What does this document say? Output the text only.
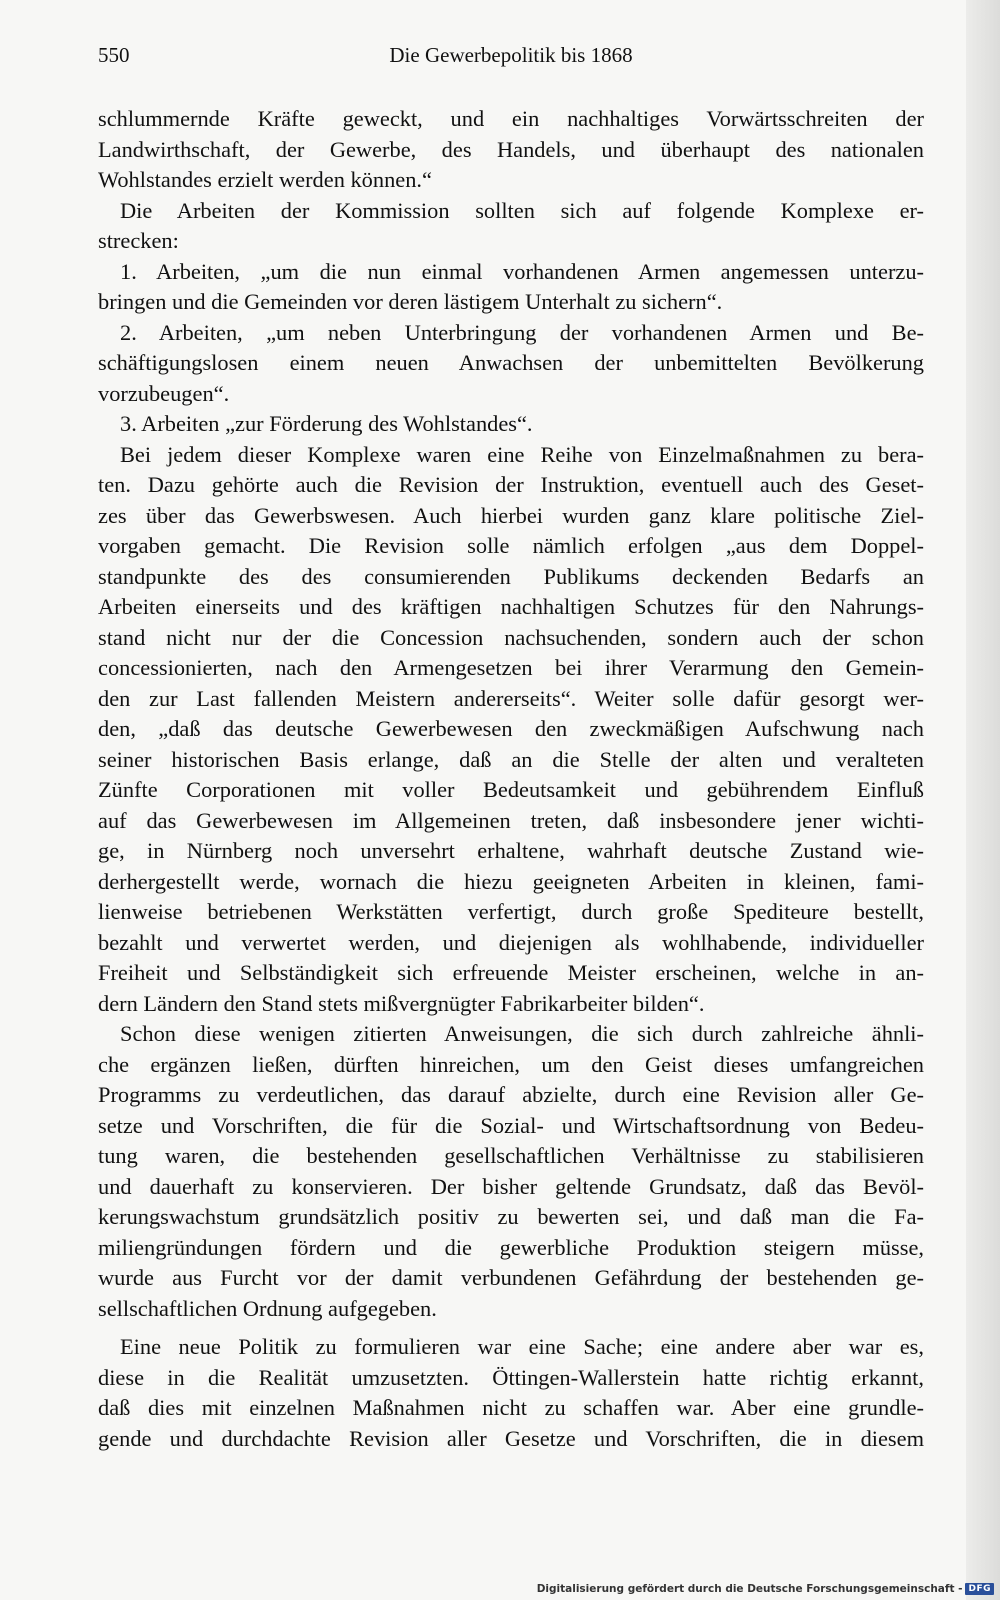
550	Die Gewerbepolitik bis 1868
schlummernde Kräfte geweckt, und ein nachhaltiges Vorwärtsschreiten der
Landwirthschaft, der Gewerbe, des Handels, und überhaupt des nationalen
Wohlstandes erzielt werden können.“
Die Arbeiten der Kommission sollten sich auf folgende Komplexe er-
strecken:
1. Arbeiten, „um die nun einmal vorhandenen Armen angemessen unterzu-
bringen und die Gemeinden vor deren lästigem Unterhalt zu sichern“.
2. Arbeiten, „um neben Unterbringung der vorhandenen Armen und Be-
schäftigungslosen einem neuen Anwachsen der unbemittelten Bevölkerung
vorzubeugen“.
3. Arbeiten „zur Förderung des Wohlstandes“.
Bei jedem dieser Komplexe waren eine Reihe von Einzelmaßnahmen zu bera-
ten. Dazu gehörte auch die Revision der Instruktion, eventuell auch des Geset-
zes über das Gewerbswesen. Auch hierbei wurden ganz klare politische Ziel-
vorgaben gemacht. Die Revision solle nämlich erfolgen „aus dem Doppel-
standpunkte des des consumierenden Publikums deckenden Bedarfs an
Arbeiten einerseits und des kräftigen nachhaltigen Schutzes für den Nahrungs-
stand nicht nur der die Concession nachsuchenden, sondern auch der schon
concessionierten, nach den Armengesetzen bei ihrer Verarmung den Gemein-
den zur Last fallenden Meistern andererseits“. Weiter solle dafür gesorgt wer-
den, „daß das deutsche Gewerbewesen den zweckmäßigen Aufschwung nach
seiner historischen Basis erlange, daß an die Stelle der alten und veralteten
Zünfte Corporationen mit voller Bedeutsamkeit und gebührendem Einfluß
auf das Gewerbewesen im Allgemeinen treten, daß insbesondere jener wichti-
ge, in Nürnberg noch unversehrt erhaltene, wahrhaft deutsche Zustand wie-
derhergestellt werde, wornach die hiezu geeigneten Arbeiten in kleinen, fami-
lienweise betriebenen Werkstätten verfertigt, durch große Spediteure bestellt,
bezahlt und verwertet werden, und diejenigen als wohlhabende, individueller
Freiheit und Selbständigkeit sich erfreuende Meister erscheinen, welche in an-
dern Ländern den Stand stets mißvergnügter Fabrikarbeiter bilden“.
Schon diese wenigen zitierten Anweisungen, die sich durch zahlreiche ähnli-
che ergänzen ließen, dürften hinreichen, um den Geist dieses umfangreichen
Programms zu verdeutlichen, das darauf abzielte, durch eine Revision aller Ge-
setze und Vorschriften, die für die Sozial- und Wirtschaftsordnung von Bedeu-
tung waren, die bestehenden gesellschaftlichen Verhältnisse zu stabilisieren
und dauerhaft zu konservieren. Der bisher geltende Grundsatz, daß das Bevöl-
kerungswachstum grundsätzlich positiv zu bewerten sei, und daß man die Fa-
miliengründungen fördern und die gewerbliche Produktion steigern müsse,
wurde aus Furcht vor der damit verbundenen Gefährdung der bestehenden ge-
sellschaftlichen Ordnung aufgegeben.
Eine neue Politik zu formulieren war eine Sache; eine andere aber war es,
diese in die Realität umzusetzten. Öttingen-Wallerstein hatte richtig erkannt,
daß dies mit einzelnen Maßnahmen nicht zu schaffen war. Aber eine grundle-
gende und durchdachte Revision aller Gesetze und Vorschriften, die in diesem
Digitalisierung gefördert durch die Deutsche Forschungsgemeinschaft - DFG
